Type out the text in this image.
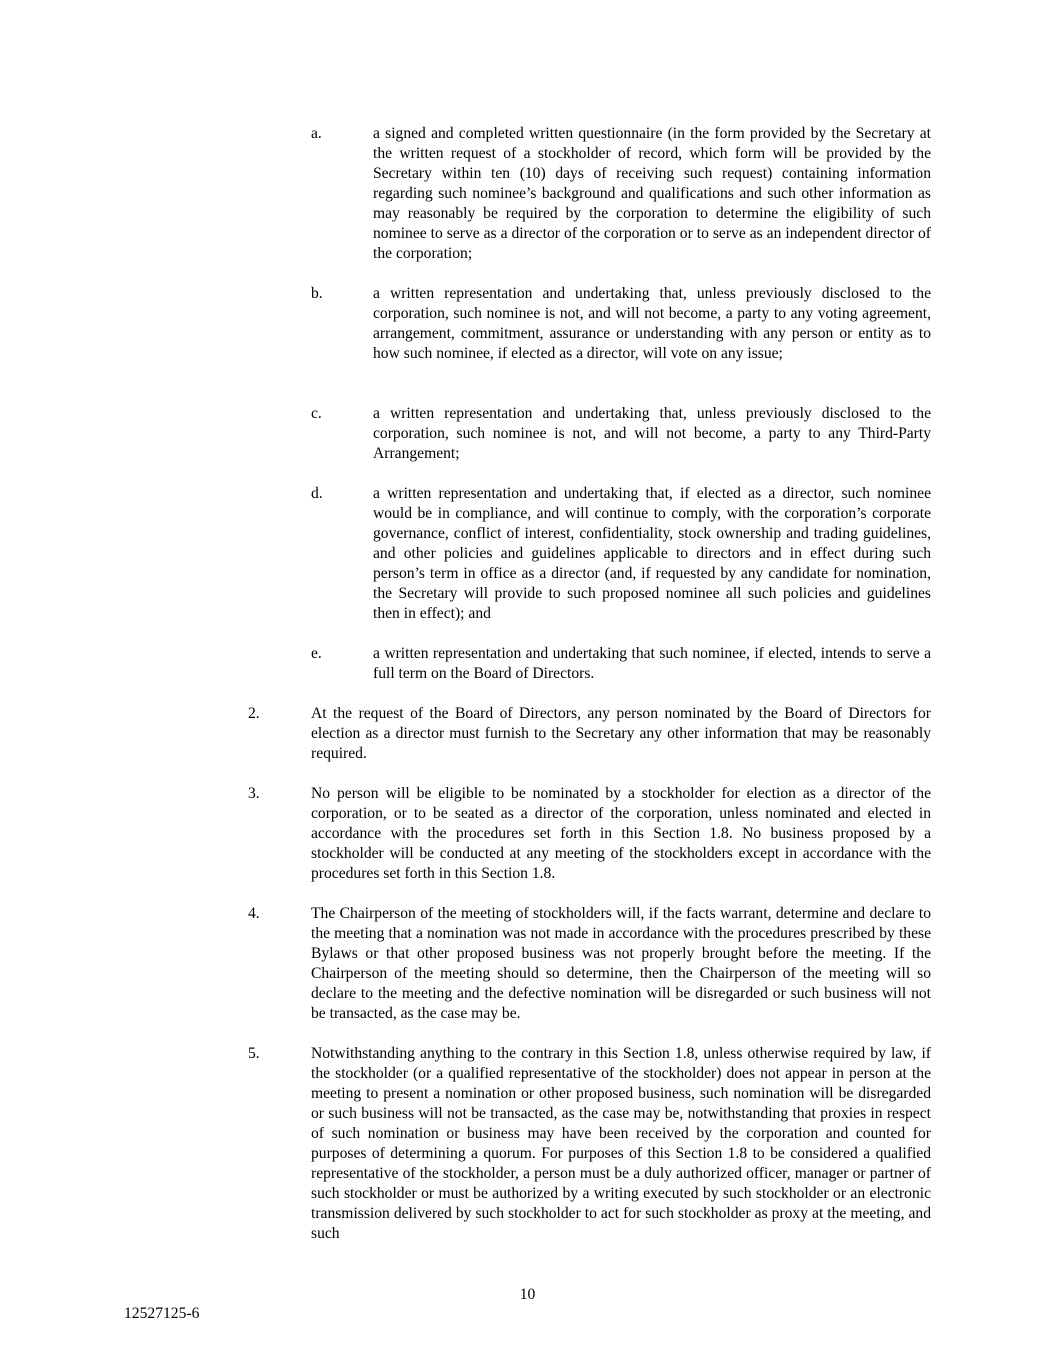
a.	a signed and completed written questionnaire (in the form provided by the Secretary at the written request of a stockholder of record, which form will be provided by the Secretary within ten (10) days of receiving such request) containing information regarding such nominee’s background and qualifications and such other information as may reasonably be required by the corporation to determine the eligibility of such nominee to serve as a director of the corporation or to serve as an independent director of the corporation;
b.	a written representation and undertaking that, unless previously disclosed to the corporation, such nominee is not, and will not become, a party to any voting agreement, arrangement, commitment, assurance or understanding with any person or entity as to how such nominee, if elected as a director, will vote on any issue;
c.	a written representation and undertaking that, unless previously disclosed to the corporation, such nominee is not, and will not become, a party to any Third-Party Arrangement;
d.	a written representation and undertaking that, if elected as a director, such nominee would be in compliance, and will continue to comply, with the corporation’s corporate governance, conflict of interest, confidentiality, stock ownership and trading guidelines, and other policies and guidelines applicable to directors and in effect during such person’s term in office as a director (and, if requested by any candidate for nomination, the Secretary will provide to such proposed nominee all such policies and guidelines then in effect); and
e.	a written representation and undertaking that such nominee, if elected, intends to serve a full term on the Board of Directors.
2.	At the request of the Board of Directors, any person nominated by the Board of Directors for election as a director must furnish to the Secretary any other information that may be reasonably required.
3.	No person will be eligible to be nominated by a stockholder for election as a director of the corporation, or to be seated as a director of the corporation, unless nominated and elected in accordance with the procedures set forth in this Section 1.8. No business proposed by a stockholder will be conducted at any meeting of the stockholders except in accordance with the procedures set forth in this Section 1.8.
4.	The Chairperson of the meeting of stockholders will, if the facts warrant, determine and declare to the meeting that a nomination was not made in accordance with the procedures prescribed by these Bylaws or that other proposed business was not properly brought before the meeting. If the Chairperson of the meeting should so determine, then the Chairperson of the meeting will so declare to the meeting and the defective nomination will be disregarded or such business will not be transacted, as the case may be.
5.	Notwithstanding anything to the contrary in this Section 1.8, unless otherwise required by law, if the stockholder (or a qualified representative of the stockholder) does not appear in person at the meeting to present a nomination or other proposed business, such nomination will be disregarded or such business will not be transacted, as the case may be, notwithstanding that proxies in respect of such nomination or business may have been received by the corporation and counted for purposes of determining a quorum. For purposes of this Section 1.8 to be considered a qualified representative of the stockholder, a person must be a duly authorized officer, manager or partner of such stockholder or must be authorized by a writing executed by such stockholder or an electronic transmission delivered by such stockholder to act for such stockholder as proxy at the meeting, and such
10
12527125-6
